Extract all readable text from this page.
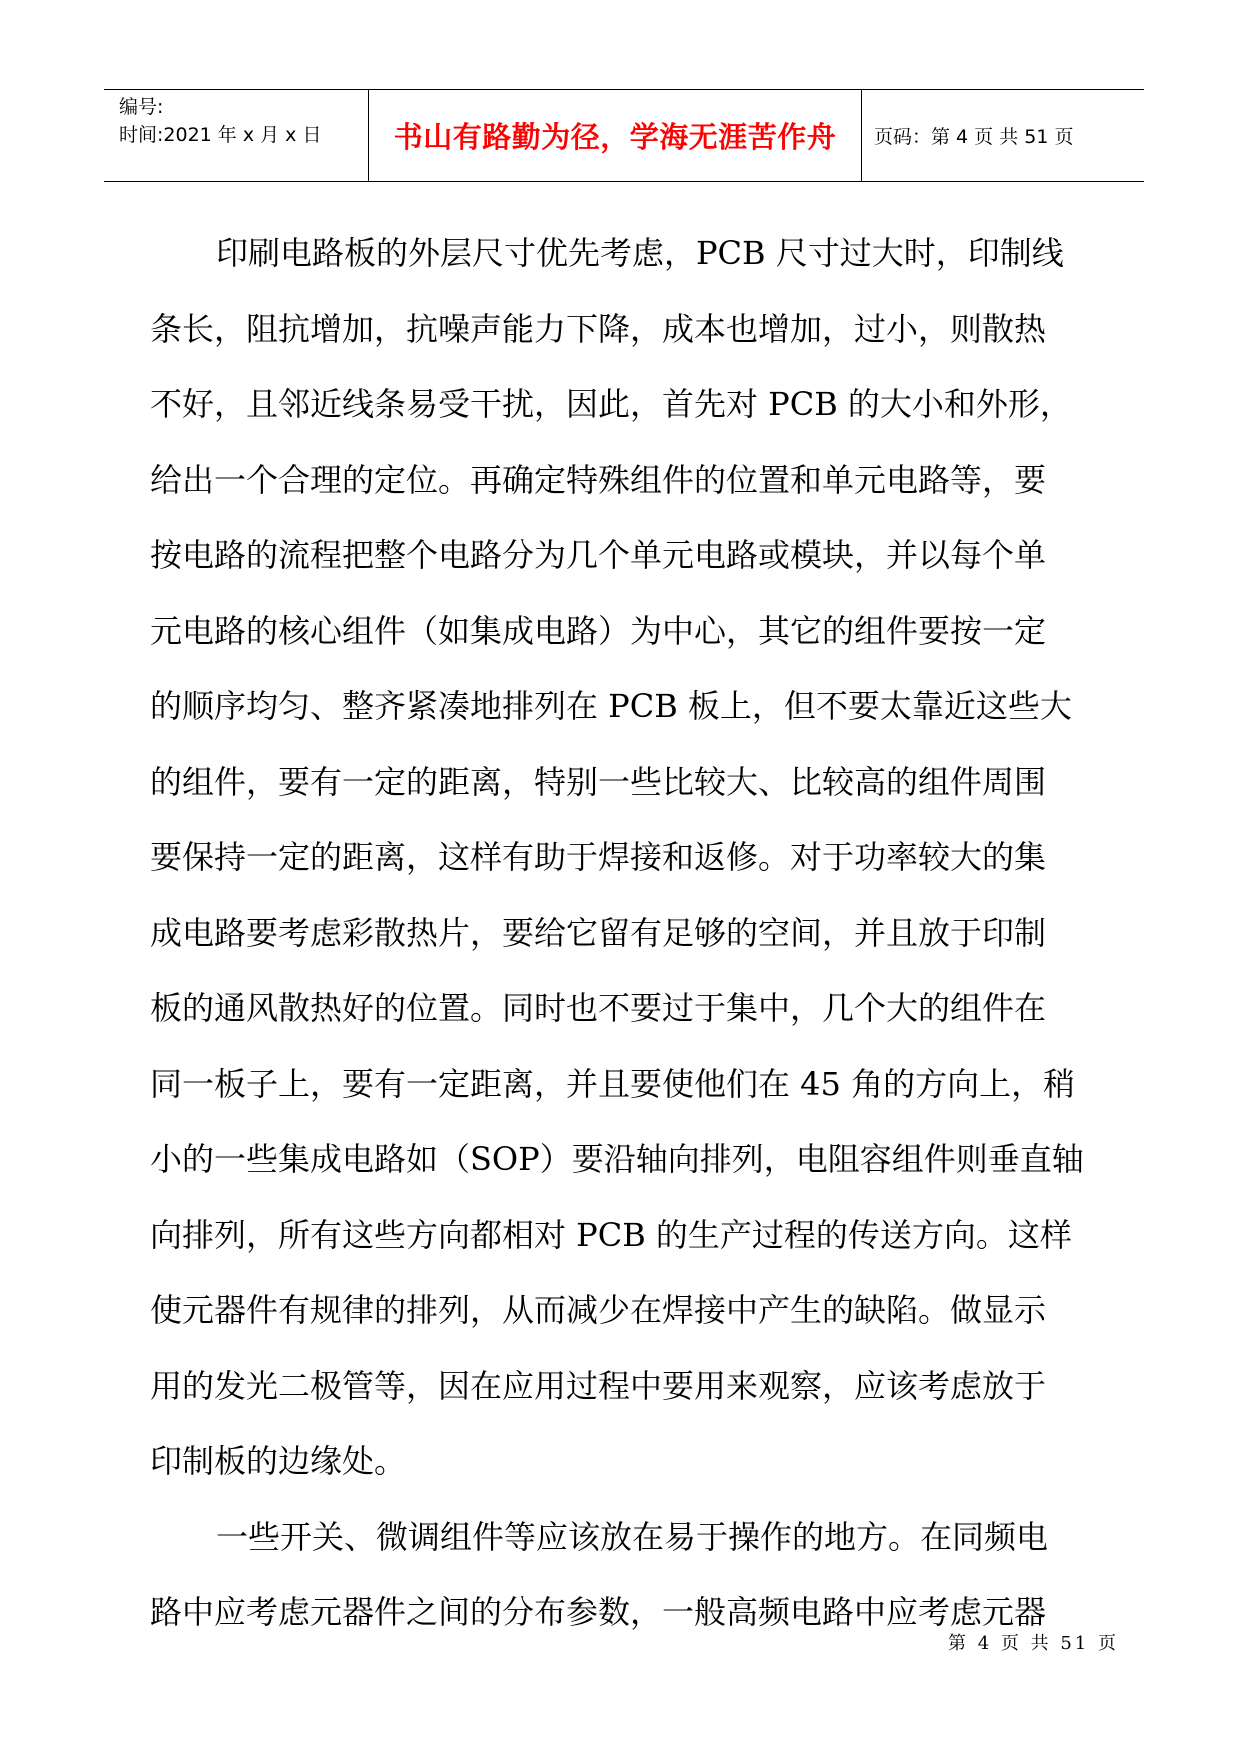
编号:
时间:2021 年 x 月 x 日	书山有路勤为径，学海无涯苦作舟	页码：第 4 页 共 51 页
印刷电路板的外层尺寸优先考虑，PCB 尺寸过大时，印制线
条长，阻抗增加，抗噪声能力下降，成本也增加，过小，则散热
不好，且邻近线条易受干扰，因此，首先对 PCB 的大小和外形，
给出一个合理的定位。再确定特殊组件的位置和单元电路等，要
按电路的流程把整个电路分为几个单元电路或模块，并以每个单
元电路的核心组件（如集成电路）为中心，其它的组件要按一定
的顺序均匀、整齐紧凑地排列在 PCB 板上，但不要太靠近这些大
的组件，要有一定的距离，特别一些比较大、比较高的组件周围
要保持一定的距离，这样有助于焊接和返修。对于功率较大的集
成电路要考虑彩散热片，要给它留有足够的空间，并且放于印制
板的通风散热好的位置。同时也不要过于集中，几个大的组件在
同一板子上，要有一定距离，并且要使他们在 45 角的方向上，稍
小的一些集成电路如（SOP）要沿轴向排列，电阻容组件则垂直轴
向排列，所有这些方向都相对 PCB 的生产过程的传送方向。这样
使元器件有规律的排列，从而减少在焊接中产生的缺陷。做显示
用的发光二极管等，因在应用过程中要用来观察，应该考虑放于
印制板的边缘处。
一些开关、微调组件等应该放在易于操作的地方。在同频电
路中应考虑元器件之间的分布参数，一般高频电路中应考虑元器
第 4 页 共 51 页
